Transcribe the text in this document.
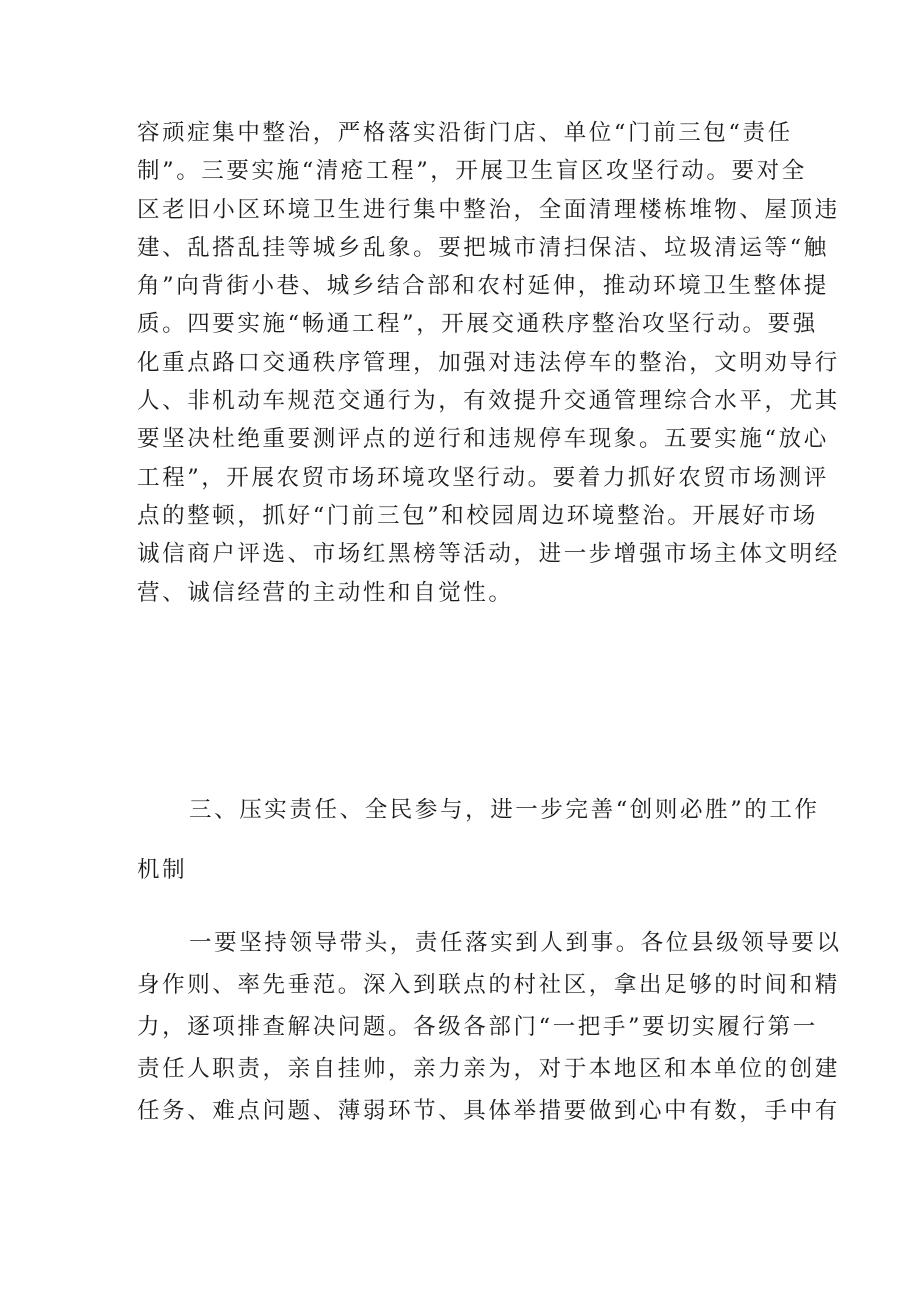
容顽症集中整治，严格落实沿街门店、单位“门前三包“责任
制”。三要实施“清疮工程”，开展卫生盲区攻坚行动。要对全
区老旧小区环境卫生进行集中整治，全面清理楼栋堆物、屋顶违
建、乱搭乱挂等城乡乱象。要把城市清扫保洁、垃圾清运等“触
角”向背街小巷、城乡结合部和农村延伸，推动环境卫生整体提
质。四要实施“畅通工程”，开展交通秩序整治攻坚行动。要强
化重点路口交通秩序管理，加强对违法停车的整治，文明劝导行
人、非机动车规范交通行为，有效提升交通管理综合水平，尤其
要坚决杜绝重要测评点的逆行和违规停车现象。五要实施“放心
工程”，开展农贸市场环境攻坚行动。要着力抓好农贸市场测评
点的整顿，抓好“门前三包”和校园周边环境整治。开展好市场
诚信商户评选、市场红黑榜等活动，进一步增强市场主体文明经
营、诚信经营的主动性和自觉性。
三、压实责任、全民参与，进一步完善“创则必胜”的工作
机制
一要坚持领导带头，责任落实到人到事。各位县级领导要以
身作则、率先垂范。深入到联点的村社区，拿出足够的时间和精
力，逐项排查解决问题。各级各部门“一把手”要切实履行第一
责任人职责，亲自挂帅，亲力亲为，对于本地区和本单位的创建
任务、难点问题、薄弱环节、具体举措要做到心中有数，手中有
